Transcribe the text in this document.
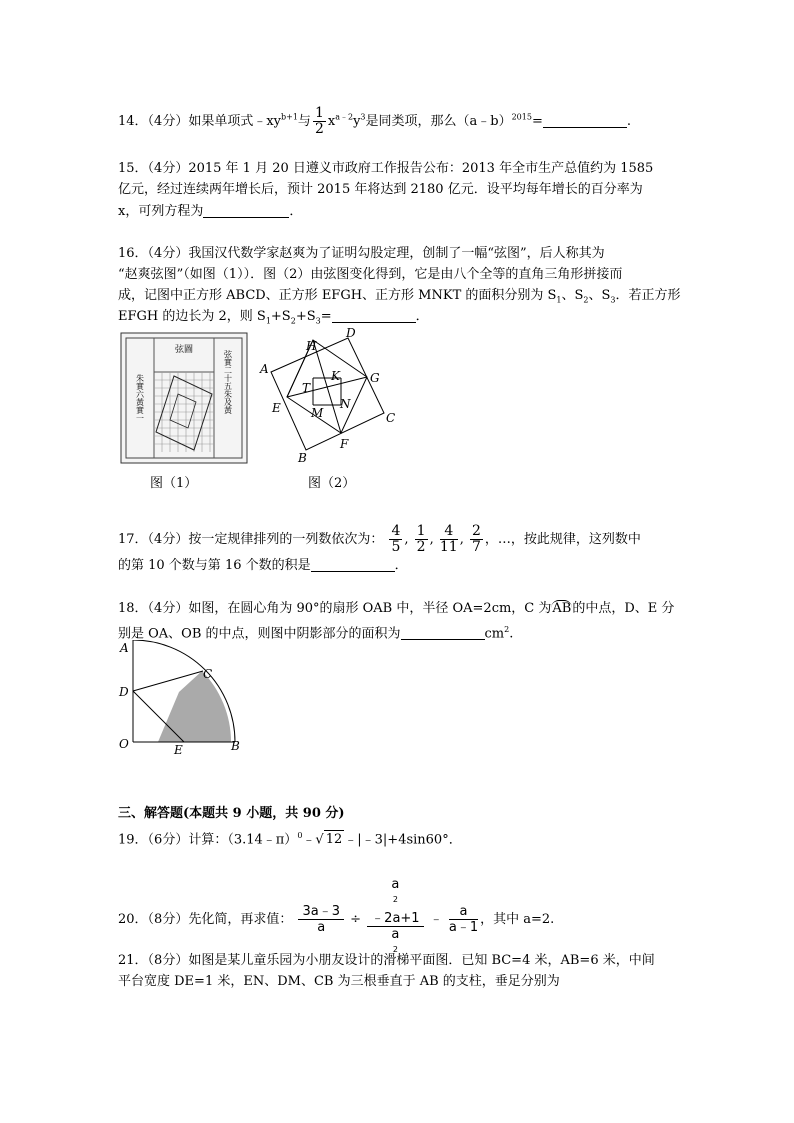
14．（4分）如果单项式$﹣xy^{b+1}$与 $\frac{1}{2} x^{a﹣2}y^3$是同类项，那么（a﹣b）$^{2015}$=	.
15．（4分）2015 年 1 月 20 日遵义市政府工作报告公布：2013 年全市生产总值约为 1585
亿元，经过连续两年增长后，预计 2015 年将达到 2180 亿元．设平均每年增长的百分率为
x，可列方程为	．
16．（4分）我国汉代数学家赵爽为了证明勾股定理，创制了一幅“弦图”，后人称其为
“赵爽弦图”（如图（1））．图（2）由弦图变化得到，它是由八个全等的直角三角形拼接而
成，记图中正方形 ABCD、正方形 EFGH、正方形 MNKT 的面积分别为 $S_1$、$S_2$、$S_3$．若正方形
EFGH 的边长为 2，则 $S_1+S_2+S_3=$	．
弦圖
朱實六黃實一	弦實二十五朱及黃
图（1）
A
B
C
D
E
F
G
H
K
M
N
T
图（2）
17．（4分）按一定规律排列的一列数依次为： $\frac{4}{5}$ , $\frac{1}{2}$ , $\frac{4}{11}$ , $\frac{2}{7}$ ，…，按此规律，这列数中
的第 10 个数与第 16 个数的积是	．
18．（4分）如图，在圆心角为 90°的扇形 OAB 中，半径 OA=2cm，C 为AB的中点，D、E 分
别是 OA、OB 的中点，则图中阴影部分的面积为	$cm^2$.
A
C
D
O	E	B
三、解答题(本题共 9 小题，共 90 分)
19．（6分）计算：（3.14﹣π）$^0$﹣√ 12 ﹣|﹣3|+4sin60°．
20．（8分）先化简，再求值： $\frac{3a﹣3}{a} \div a$
$^2$
﹣2a+1
a
$^2$ ﹣ $\frac{a}{a﹣1}$ ，其中 a=2.
21．（8分）如图是某儿童乐园为小朋友设计的滑梯平面图．已知 BC=4 米，AB=6 米，中间
平台宽度 DE=1 米，EN、DM、CB 为三根垂直于 AB 的支柱，垂足分别为
